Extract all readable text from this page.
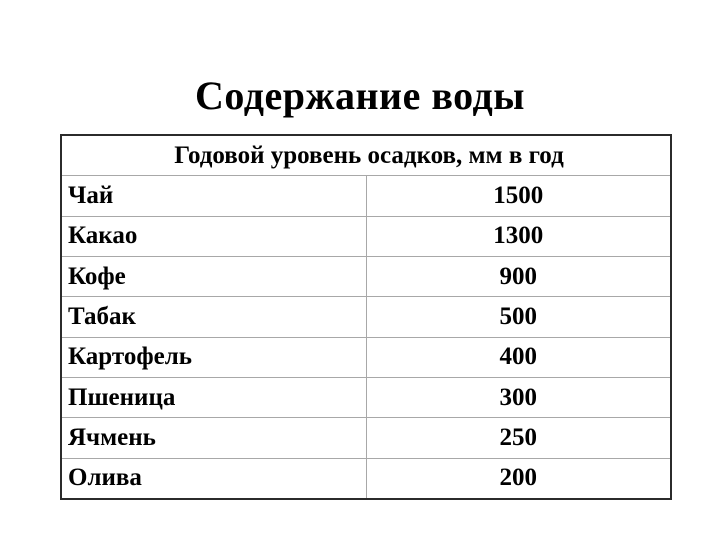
Содержание воды
Годовой уровень осадков, мм в год	
Чай	1500
Какао	1300
Кофе	900
Табак	500
Картофель	400
Пшеница	300
Ячмень	250
Олива	200
